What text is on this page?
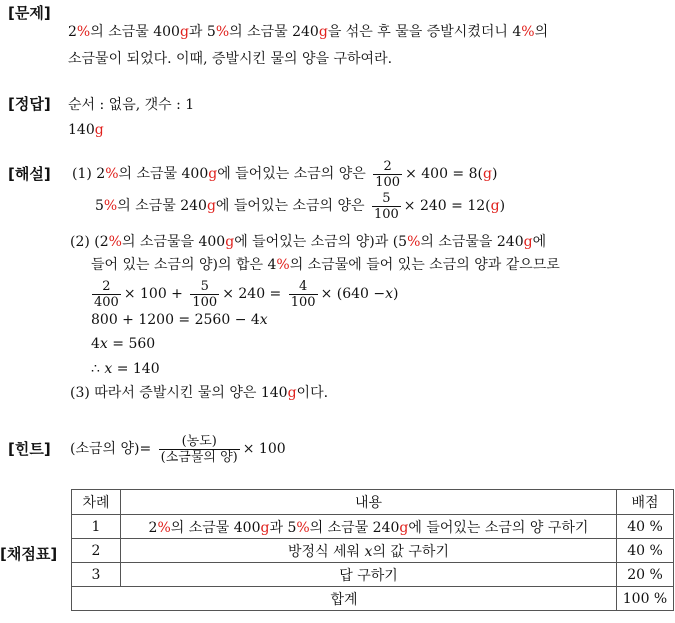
[문제]
[정답]
[해설]
[힌트]
[채점표]
2%의 소금물 400g과 5%의 소금물 240g을 섞은 후 물을 증발시켰더니 4%의
소금물이 되었다. 이때, 증발시킨 물의 양을 구하여라.
순서 : 없음, 갯수 : 1
140g
(1) 2%의 소금물 400g에 들어있는 소금의 양은 $\frac{2}{100} \times 400 = 8(g)$
5%의 소금물 240g에 들어있는 소금의 양은 $\frac{5}{100} \times 240 = 12(g)$
(2) (2%의 소금물을 400g에 들어있는 소금의 양)과 (5%의 소금물을 240g에
들어 있는 소금의 양)의 합은 4%의 소금물에 들어 있는 소금의 양과 같으므로
$\frac{2}{400} \times 100 + \frac{5}{100} \times 240 = \frac{4}{100} \times (640 -x)$
800 + 1200 = 2560 − 4x
4x = 560
∴ x = 140
(3) 따라서 증발시킨 물의 양은 140g이다.
(소금의 양)= $\frac{\text{(농도)}}{\text{(소금물의 양)}} \times 100$
차례	내용	배점
1	2%의 소금물 400g과 5%의 소금물 240g에 들어있는 소금의 양 구하기	40 %
2	방정식 세워 x의 값 구하기	40 %
3	답 구하기	20 %
합계		100 %
